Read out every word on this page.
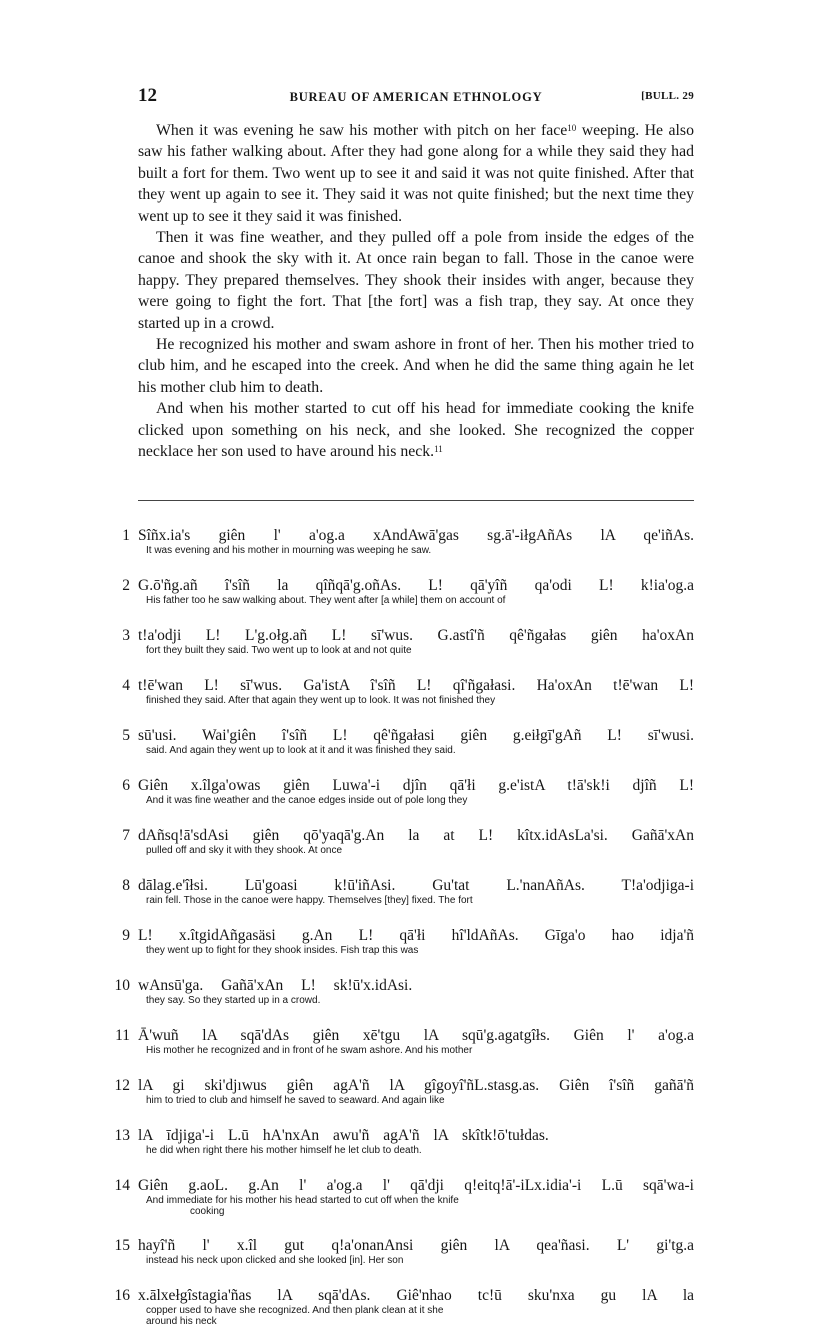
12	BUREAU OF AMERICAN ETHNOLOGY	[BULL. 29

When it was evening he saw his mother with pitch on her face$^{10}$ weeping. He also saw his father walking about. After they had gone along for a while they said they had built a fort for them. Two went up to see it and said it was not quite finished. After that they went up again to see it. They said it was not quite finished; but the next time they went up to see it they said it was finished.

Then it was fine weather, and they pulled off a pole from inside the edges of the canoe and shook the sky with it. At once rain began to fall. Those in the canoe were happy. They prepared themselves. They shook their insides with anger, because they were going to fight the fort. That [the fort] was a fish trap, they say. At once they started up in a crowd.

He recognized his mother and swam ashore in front of her. Then his mother tried to club him, and he escaped into the creek. And when he did the same thing again he let his mother club him to death.

And when his mother started to cut off his head for immediate cooking the knife clicked upon something on his neck, and she looked. She recognized the copper necklace her son used to have around his neck.$^{11}$

1 Sîñx.ia's giên l' a'og.a xAndAwā'gas sg.ā'-iłgAñAs lA qe'iñAs.
It was evening and his mother in mourning was weeping he saw.
2 G.ō'ñg.añ î'sîñ la qîñqā'g.oñAs. L! qā'yîñ qa'odi L! k!ia'og.a
His father too he saw walking about. They went after [a while] them on account of
3 t!a'odji L! L'g.ołg.añ L! sī'wus. G.astî'ñ qê'ñgałas giên ha'oxAn
fort they built they said. Two went up to look at and not quite
4 t!ē'wan L! sī'wus. Ga'istA î'sîñ L! qî'ñgałasi. Ha'oxAn t!ē'wan L!
finished they said. After that again they went up to look. It was not finished they
5 sū'usi. Wai'giên î'sîñ L! qê'ñgałasi giên g.eiłgī'gAñ L! sī'wusi.
said. And again they went up to look at it and it was finished they said.
6 Giên x.îlga'owas giên Luwa'-i djîn qā'łi g.e'istA t!ā'sk!i djîñ L!
And it was fine weather and the canoe edges inside out of pole long they
7 dAñsq!ā'sdAsi giên qō'yaqā'g.An la at L! kîtx.idAsLa'si. Gañā'xAn
pulled off and sky it with they shook. At once
8 dālag.e'îłsi. Lū'goasi k!ū'iñAsi. Gu'tat L.'nanAñAs. T!a'odjiga-i
rain fell. Those in the canoe were happy. Themselves [they] fixed. The fort
9 L! x.îtgidAñgasäsi g.An L! qā'łi hî'ldAñAs. Gīga'o hao idja'ñ
they went up to fight for they shook insides. Fish trap this was
10 wAnsū'ga. Gañā'xAn L! sk!ū'x.idAsi.
they say. So they started up in a crowd.
11 Ā'wuñ lA sqā'dAs giên xē'tgu lA sqū'g.agatgîłs. Giên l' a'og.a
His mother he recognized and in front of he swam ashore. And his mother
12 lA gi ski'djıwus giên agA'ñ lA gîgoyî'ñL.stasg.as. Giên î'sîñ gañā'ñ
him to tried to club and himself he saved to seaward. And again like
13 lA īdjiga'-i L.ū hA'nxAn awu'ñ agA'ñ lA skîtk!ō'tułdas.
he did when right there his mother himself he let club to death.
14 Giên g.aoL. g.An l' a'og.a l' qā'dji q!eitq!ā'-iLx.idia'-i L.ū sqā'wa-i
And immediate for his mother his head started to cut off when the knife
cooking
15 hayî'ñ l' x.îl gut q!a'onanAnsi giên lA qea'ñasi. L' gi'tg.a
instead his neck upon clicked and she looked [in]. Her son
16 x.ālxełgîstagia'ñas lA sqā'dAs. Giê'nhao tc!ū sku'nxa gu lA la
copper used to have she recognized. And then plank clean at it she
around his neck
